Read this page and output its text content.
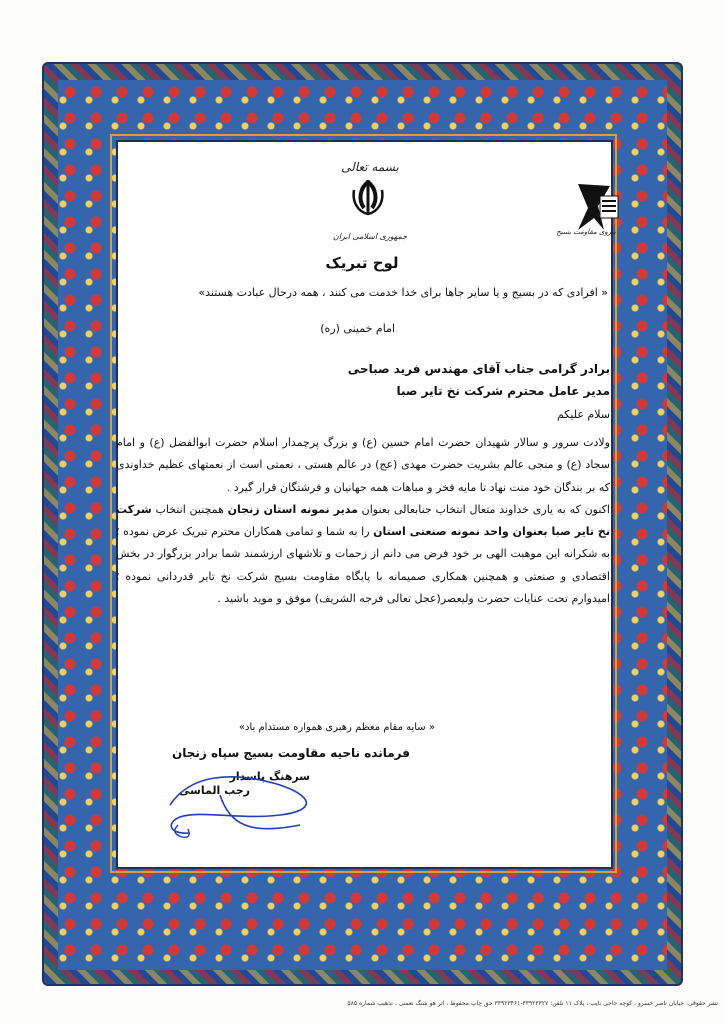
بسمه تعالی
جمهوری اسلامی ایران	نیروی مقاومت بسیج
لوح تبریک
« افرادی که در بسیج و یا سایر جاها برای خدا خدمت می کنند ، همه درحال عبادت هستند»
امام خمینی (ره)
برادر گرامی جناب آقای مهندس فرید صباحی
مدیر عامل محترم شرکت نخ تایر صبا
سلام علیکم

ولادت سرور و سالار شهیدان حضرت امام حسین (ع) و بزرگ پرچمدار اسلام حضرت ابوالفضل (ع) و امام سجاد (ع) و منجی عالم بشریت حضرت مهدی (عج) در عالم هستی ، نعمتی است از نعمتهای عظیم خداوندی که بر بندگان خود منت نهاد تا مایه فخر و مباهات همه جهانیان و فرشتگان قرار گیرد .

اکنون که به یاری خداوند متعال انتخاب جنابعالی بعنوان مدیر نمونه استان زنجان همچنین انتخاب شرکت نخ تایر صبا بعنوان واحد نمونه صنعتی استان را به شما و تمامی همکاران محترم تبریک عرض نموده ؛ به شکرانه این موهبت الهی بر خود فرض می دانم از زحمات و تلاشهای ارزشمند شما برادر بزرگوار در بخش اقتصادی و صنعتی و همچنین همکاری صمیمانه با پایگاه مقاومت بسیج شرکت نخ تایر قدردانی نموده ؛ امیدوارم تحت عنایات حضرت ولیعصر(عجل تعالی فرجه الشریف) موفق و موید باشید .

« سایه مقام معظم رهبری همواره مستدام باد»
فرمانده ناحیه مقاومت بسیج سپاه زنجان
سرهنگ پاسدار
رجب الماسی
نشر حقوقی: خیابان ناصر خسرو ، کوچه حاجی نایب ، پلاک ۱۱ تلفن: ۳۳۹۲۳۳۲۷-۳۳۹۲۳۴۶۱ حق چاپ محفوظ ، اثر هو شنگ نعمتی ، تذهیب شماره ۵۸۵
